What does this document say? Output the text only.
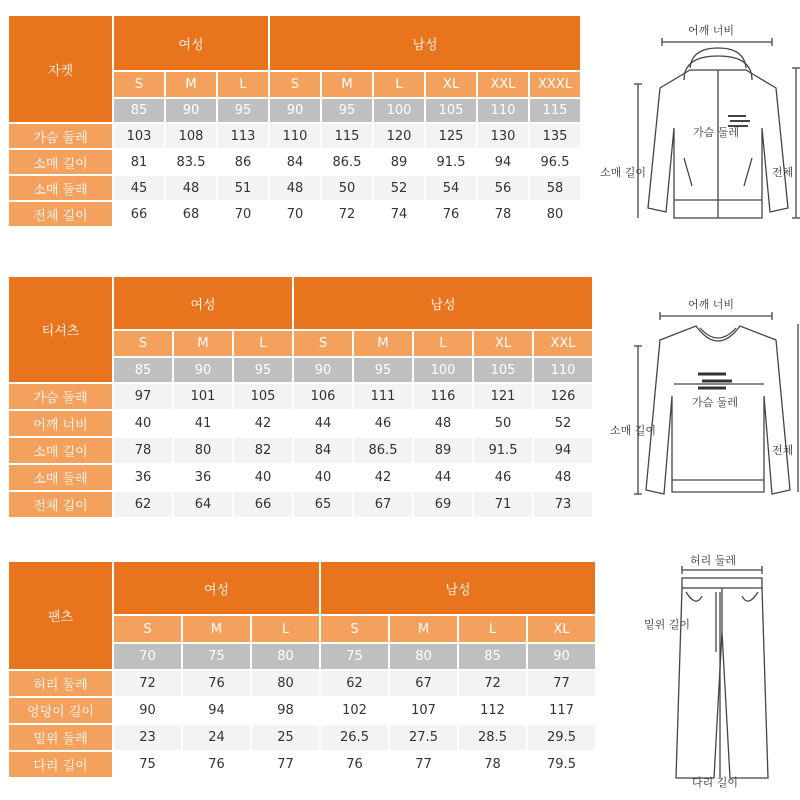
자켓	여성			남성					
	S	M	L	S	M	L	XL	XXL	XXXL
	85	90	95	90	95	100	105	110	115
가슴 둘레	103	108	113	110	115	120	125	130	135
소매 길이	81	83.5	86	84	86.5	89	91.5	94	96.5
소매 둘레	45	48	51	48	50	52	54	56	58
전체 길이	66	68	70	70	72	74	76	78	80
티셔츠	여성			남성				
	S	M	L	S	M	L	XL	XXL
	85	90	95	90	95	100	105	110
가슴 둘레	97	101	105	106	111	116	121	126
어깨 너비	40	41	42	44	46	48	50	52
소매 길이	78	80	82	84	86.5	89	91.5	94
소매 둘레	36	36	40	40	42	44	46	48
전체 길이	62	64	66	65	67	69	71	73
팬츠	여성			남성			
	S	M	L	S	M	L	XL
	70	75	80	75	80	85	90
허리 둘레	72	76	80	62	67	72	77
엉덩이 길이	90	94	98	102	107	112	117
밑위 둘레	23	24	25	26.5	27.5	28.5	29.5
다리 길이	75	76	77	76	77	78	79.5
어깨 너비
가슴 둘레
소매 길이	전체
어깨 너비
가슴 둘레
소매 길이
전체
허리 둘레
밑위 길이
다리 길이
